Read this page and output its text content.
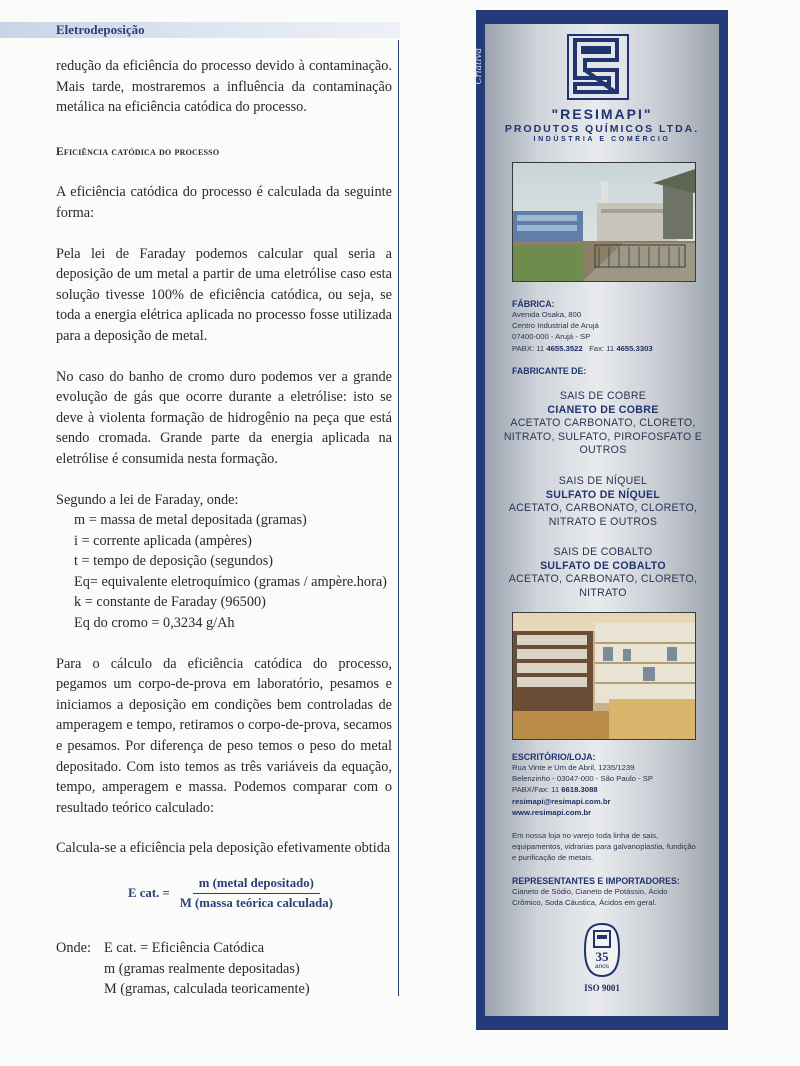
Eletrodeposição

redução da eficiência do processo devido à contaminação. Mais tarde, mostraremos a influência da contaminação metálica na eficiência catódica do processo.

Eficiência catódica do processo

A eficiência catódica do processo é calculada da seguinte forma:

Pela lei de Faraday podemos calcular qual seria a deposição de um metal a partir de uma eletrólise caso esta solução tivesse 100% de eficiência catódica, ou seja, se toda a energia elétrica aplicada no processo fosse utilizada para a deposição de metal.

No caso do banho de cromo duro podemos ver a grande evolução de gás que ocorre durante a eletrólise: isto se deve à violenta formação de hidrogênio na peça que está sendo cromada. Grande parte da energia aplicada na eletrólise é consumida nesta formação.

Segundo a lei de Faraday, onde:

m = massa de metal depositada (gramas)
i = corrente aplicada (ampères)
t = tempo de deposição (segundos)
Eq= equivalente eletroquímico (gramas / ampère.hora)
k = constante de Faraday (96500)
Eq do cromo = 0,3234 g/Ah

Para o cálculo da eficiência catódica do processo, pegamos um corpo-de-prova em laboratório, pesamos e iniciamos a deposição em condições bem controladas de amperagem e tempo, retiramos o corpo-de-prova, secamos e pesamos. Por diferença de peso temos o peso do metal depositado. Com isto temos as três variáveis da equação, tempo, amperagem e massa. Podemos comparar com o resultado teórico calculado:

Calcula-se a eficiência pela deposição efetivamente obtida

E cat. = $\frac{\text{m (metal depositado)}}{\text{M (massa teórica calculada)}}$
Onde: E cat. = Eficiência Catódica
m (gramas realmente depositadas)
M (gramas, calculada teoricamente)
Criativa
"RESIMAPI"
PRODUTOS QUÍMICOS LTDA.
INDÚSTRIA E COMÉRCIO
FÁBRICA:
Avenida Osaka, 800
Centro Industrial de Arujá
07400-000 - Arujá - SP
PABX: 11 4655.3522 Fax: 11 4655.3303
FABRICANTE DE:
SAIS DE COBRE
CIANETO DE COBRE
ACETATO CARBONATO, CLORETO, NITRATO, SULFATO, PIROFOSFATO E OUTROS
SAIS DE NÍQUEL
SULFATO DE NÍQUEL
ACETATO, CARBONATO, CLORETO, NITRATO E OUTROS
SAIS DE COBALTO
SULFATO DE COBALTO
ACETATO, CARBONATO, CLORETO, NITRATO
ESCRITÓRIO/LOJA:
Rua Vinte e Um de Abril, 1235/1239
Belenzinho - 03047-000 - São Paulo - SP
PABX/Fax: 11 6618.3088
resimapi@resimapi.com.br
www.resimapi.com.br
Em nossa loja no varejo toda linha de sais, equipamentos, vidrarias para galvanoplastia, fundição e purificação de metais.
REPRESENTANTES E IMPORTADORES:
Cianeto de Sódio, Cianeto de Potássio, Ácido Crômico, Soda Cáustica, Ácidos em geral.
35
anos
ISO 9001
